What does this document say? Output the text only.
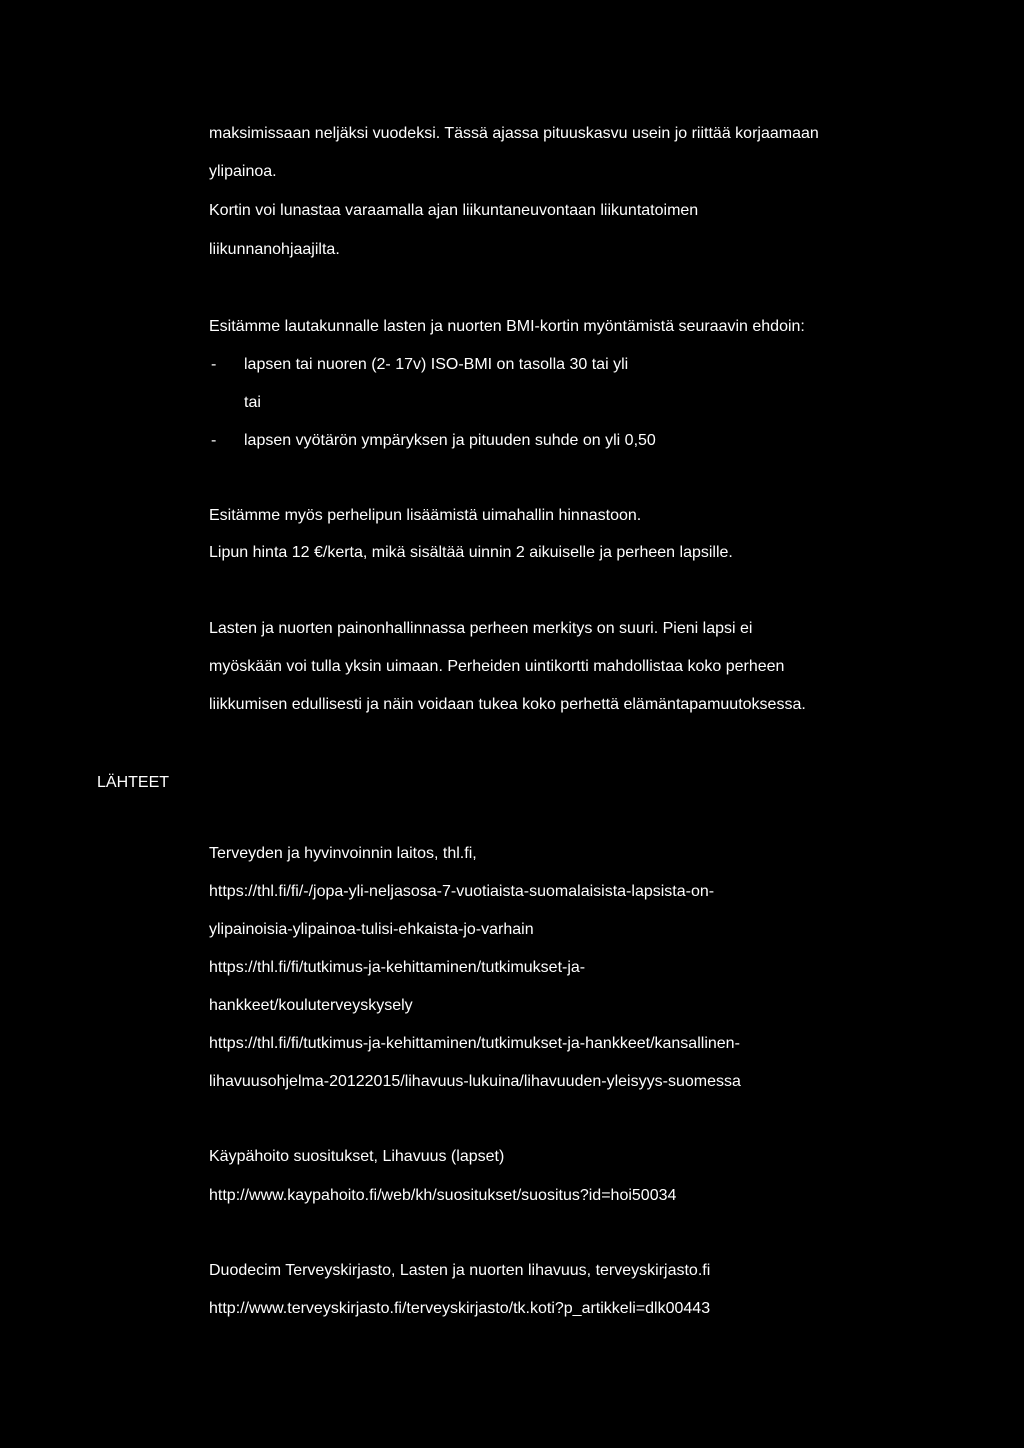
maksimissaan neljäksi vuodeksi. Tässä ajassa pituuskasvu usein jo riittää korjaamaan
ylipainoa.
Kortin voi lunastaa varaamalla ajan liikuntaneuvontaan liikuntatoimen
liikunnanohjaajilta.
Esitämme lautakunnalle lasten ja nuorten BMI-kortin myöntämistä seuraavin ehdoin:
- lapsen tai nuoren (2- 17v) ISO-BMI on tasolla 30 tai yli
tai
- lapsen vyötärön ympäryksen ja pituuden suhde on yli 0,50
Esitämme myös perhelipun lisäämistä uimahallin hinnastoon.
Lipun hinta 12 €/kerta, mikä sisältää uinnin 2 aikuiselle ja perheen lapsille.
Lasten ja nuorten painonhallinnassa perheen merkitys on suuri. Pieni lapsi ei
myöskään voi tulla yksin uimaan. Perheiden uintikortti mahdollistaa koko perheen
liikkumisen edullisesti ja näin voidaan tukea koko perhettä elämäntapamuutoksessa.
LÄHTEET
Terveyden ja hyvinvoinnin laitos, thl.fi,
https://thl.fi/fi/-/jopa-yli-neljasosa-7-vuotiaista-suomalaisista-lapsista-on-
ylipainoisia-ylipainoa-tulisi-ehkaista-jo-varhain
https://thl.fi/fi/tutkimus-ja-kehittaminen/tutkimukset-ja-
hankkeet/kouluterveyskysely
https://thl.fi/fi/tutkimus-ja-kehittaminen/tutkimukset-ja-hankkeet/kansallinen-
lihavuusohjelma-20122015/lihavuus-lukuina/lihavuuden-yleisyys-suomessa
Käypähoito suositukset, Lihavuus (lapset)
http://www.kaypahoito.fi/web/kh/suositukset/suositus?id=hoi50034
Duodecim Terveyskirjasto, Lasten ja nuorten lihavuus, terveyskirjasto.fi
http://www.terveyskirjasto.fi/terveyskirjasto/tk.koti?p_artikkeli=dlk00443
